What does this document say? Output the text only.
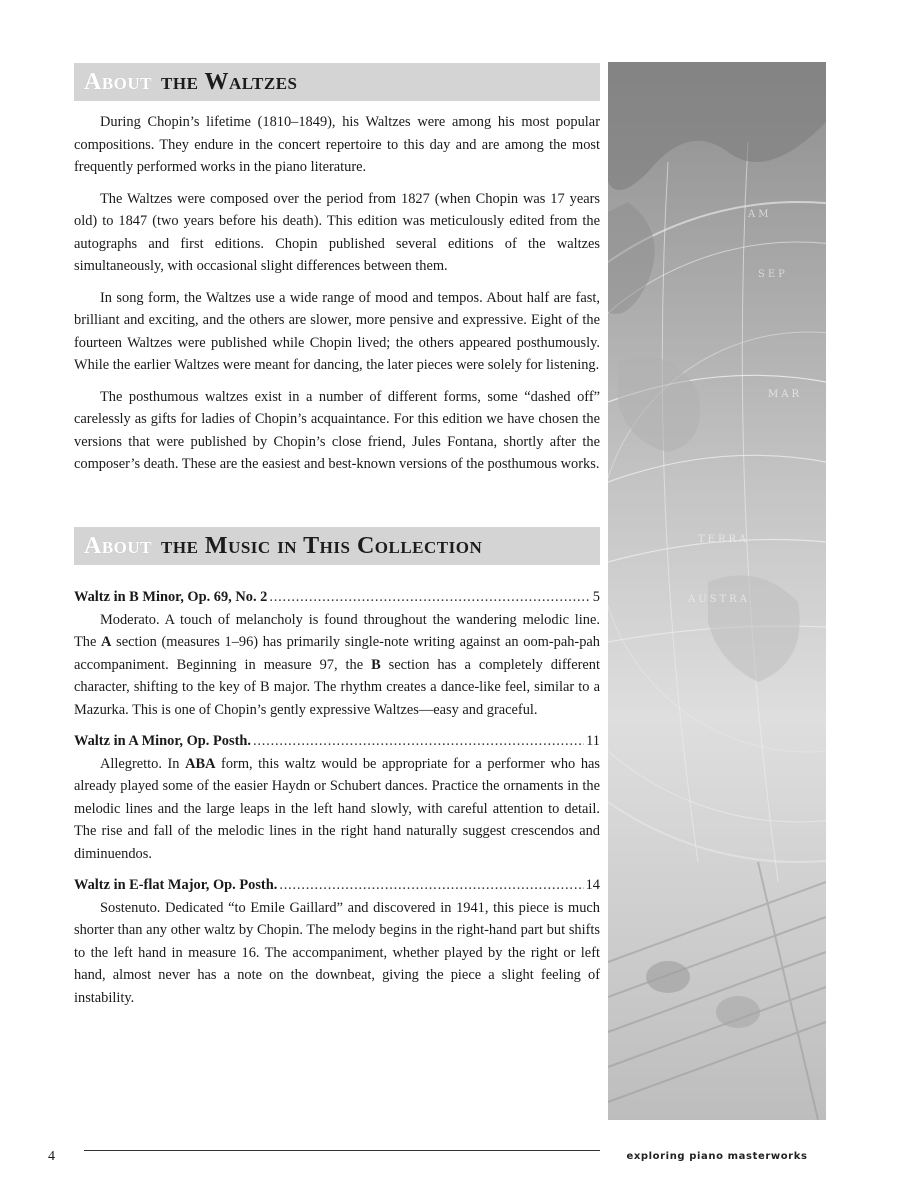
AM
SEP
MAR
TERRA
AUSTRA
About the Waltzes

During Chopin’s lifetime (1810–1849), his Waltzes were among his most popular compositions. They endure in the concert repertoire to this day and are among the most frequently performed works in the piano literature.

The Waltzes were composed over the period from 1827 (when Chopin was 17 years old) to 1847 (two years before his death). This edition was meticulously edited from the autographs and first editions. Chopin published several editions of the waltzes simultaneously, with occasional slight differences between them.

In song form, the Waltzes use a wide range of mood and tempos. About half are fast, brilliant and exciting, and the others are slower, more pensive and expressive. Eight of the fourteen Waltzes were published while Chopin lived; the others appeared posthumously. While the earlier Waltzes were meant for dancing, the later pieces were solely for listening.

The posthumous waltzes exist in a number of different forms, some “dashed off” carelessly as gifts for ladies of Chopin’s acquaintance. For this edition we have chosen the versions that were published by Chopin’s close friend, Jules Fontana, shortly after the composer’s death. These are the easiest and best-known versions of the posthumous works.

About the Music in This Collection
Waltz in B Minor, Op. 69, No. 2 . . .	5

Moderato. A touch of melancholy is found throughout the wandering melodic line. The A section (measures 1–96) has primarily single-note writing against an oom-pah-pah accompaniment. Beginning in measure 97, the B section has a completely different character, shifting to the key of B major. The rhythm creates a dance-like feel, similar to a Mazurka. This is one of Chopin’s gently expressive Waltzes—easy and graceful.

Waltz in A Minor, Op. Posth. . . .	11

Allegretto. In ABA form, this waltz would be appropriate for a performer who has already played some of the easier Haydn or Schubert dances. Practice the ornaments in the melodic lines and the large leaps in the left hand slowly, with careful attention to detail. The rise and fall of the melodic lines in the right hand naturally suggest crescendos and diminuendos.

Waltz in E-flat Major, Op. Posth. . . .	14

Sostenuto. Dedicated “to Emile Gaillard” and discovered in 1941, this piece is much shorter than any other waltz by Chopin. The melody begins in the right-hand part but shifts to the left hand in measure 16. The accompaniment, whether played by the right or left hand, almost never has a note on the downbeat, giving the piece a slight feeling of instability.

4	exploring piano masterworks
